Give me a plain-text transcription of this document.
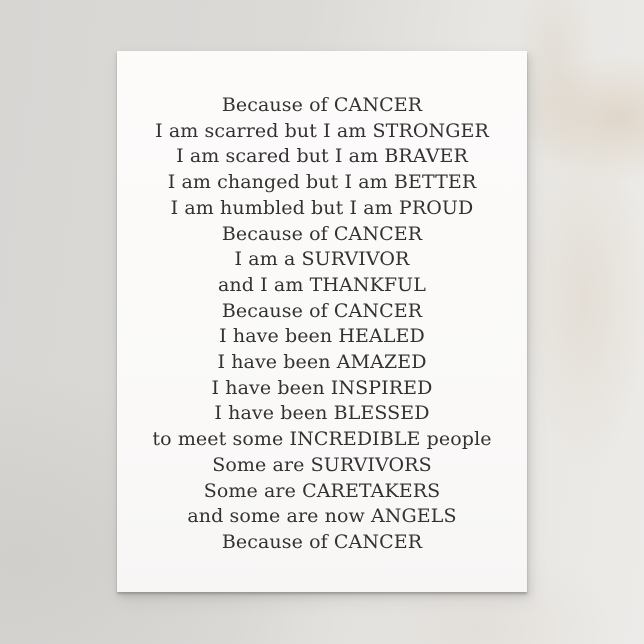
Because of CANCER
I am scarred but I am STRONGER
I am scared but I am BRAVER
I am changed but I am BETTER
I am humbled but I am PROUD
Because of CANCER
I am a SURVIVOR
and I am THANKFUL
Because of CANCER
I have been HEALED
I have been AMAZED
I have been INSPIRED
I have been BLESSED
to meet some INCREDIBLE people
Some are SURVIVORS
Some are CARETAKERS
and some are now ANGELS
Because of CANCER
